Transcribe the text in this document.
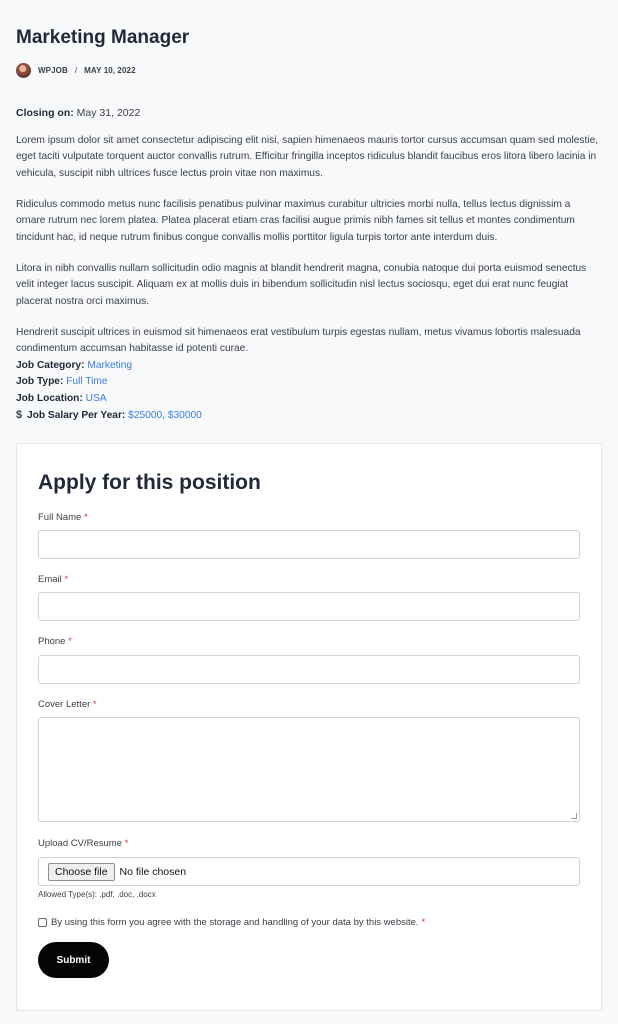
Marketing Manager
WPJOB / MAY 10, 2022
Closing on: May 31, 2022

Lorem ipsum dolor sit amet consectetur adipiscing elit nisi, sapien himenaeos mauris tortor cursus accumsan quam sed molestie, eget taciti vulputate torquent auctor convallis rutrum. Efficitur fringilla inceptos ridiculus blandit faucibus eros litora libero lacinia in vehicula, suscipit nibh ultrices fusce lectus proin vitae non maximus.

Ridiculus commodo metus nunc facilisis penatibus pulvinar maximus curabitur ultricies morbi nulla, tellus lectus dignissim a ornare rutrum nec lorem platea. Platea placerat etiam cras facilisi augue primis nibh fames sit tellus et montes condimentum tincidunt hac, id neque rutrum finibus congue convallis mollis porttitor ligula turpis tortor ante interdum duis.

Litora in nibh convallis nullam sollicitudin odio magnis at blandit hendrerit magna, conubia natoque dui porta euismod senectus velit integer lacus suscipit. Aliquam ex at mollis duis in bibendum sollicitudin nisl lectus sociosqu, eget dui erat nunc feugiat placerat nostra orci maximus.

Hendrerit suscipit ultrices in euismod sit himenaeos erat vestibulum turpis egestas nullam, metus vivamus lobortis malesuada condimentum accumsan habitasse id potenti curae.

Job Category: Marketing
Job Type: Full Time
Job Location: USA
$ Job Salary Per Year: $25000, $30000
Apply for this position
Full Name *
Email *
Phone *
Cover Letter *
Upload CV/Resume *
Choose file	No file chosen
Allowed Type(s): .pdf, .doc, .docx
By using this form you agree with the storage and handling of your data by this website. *
Submit
